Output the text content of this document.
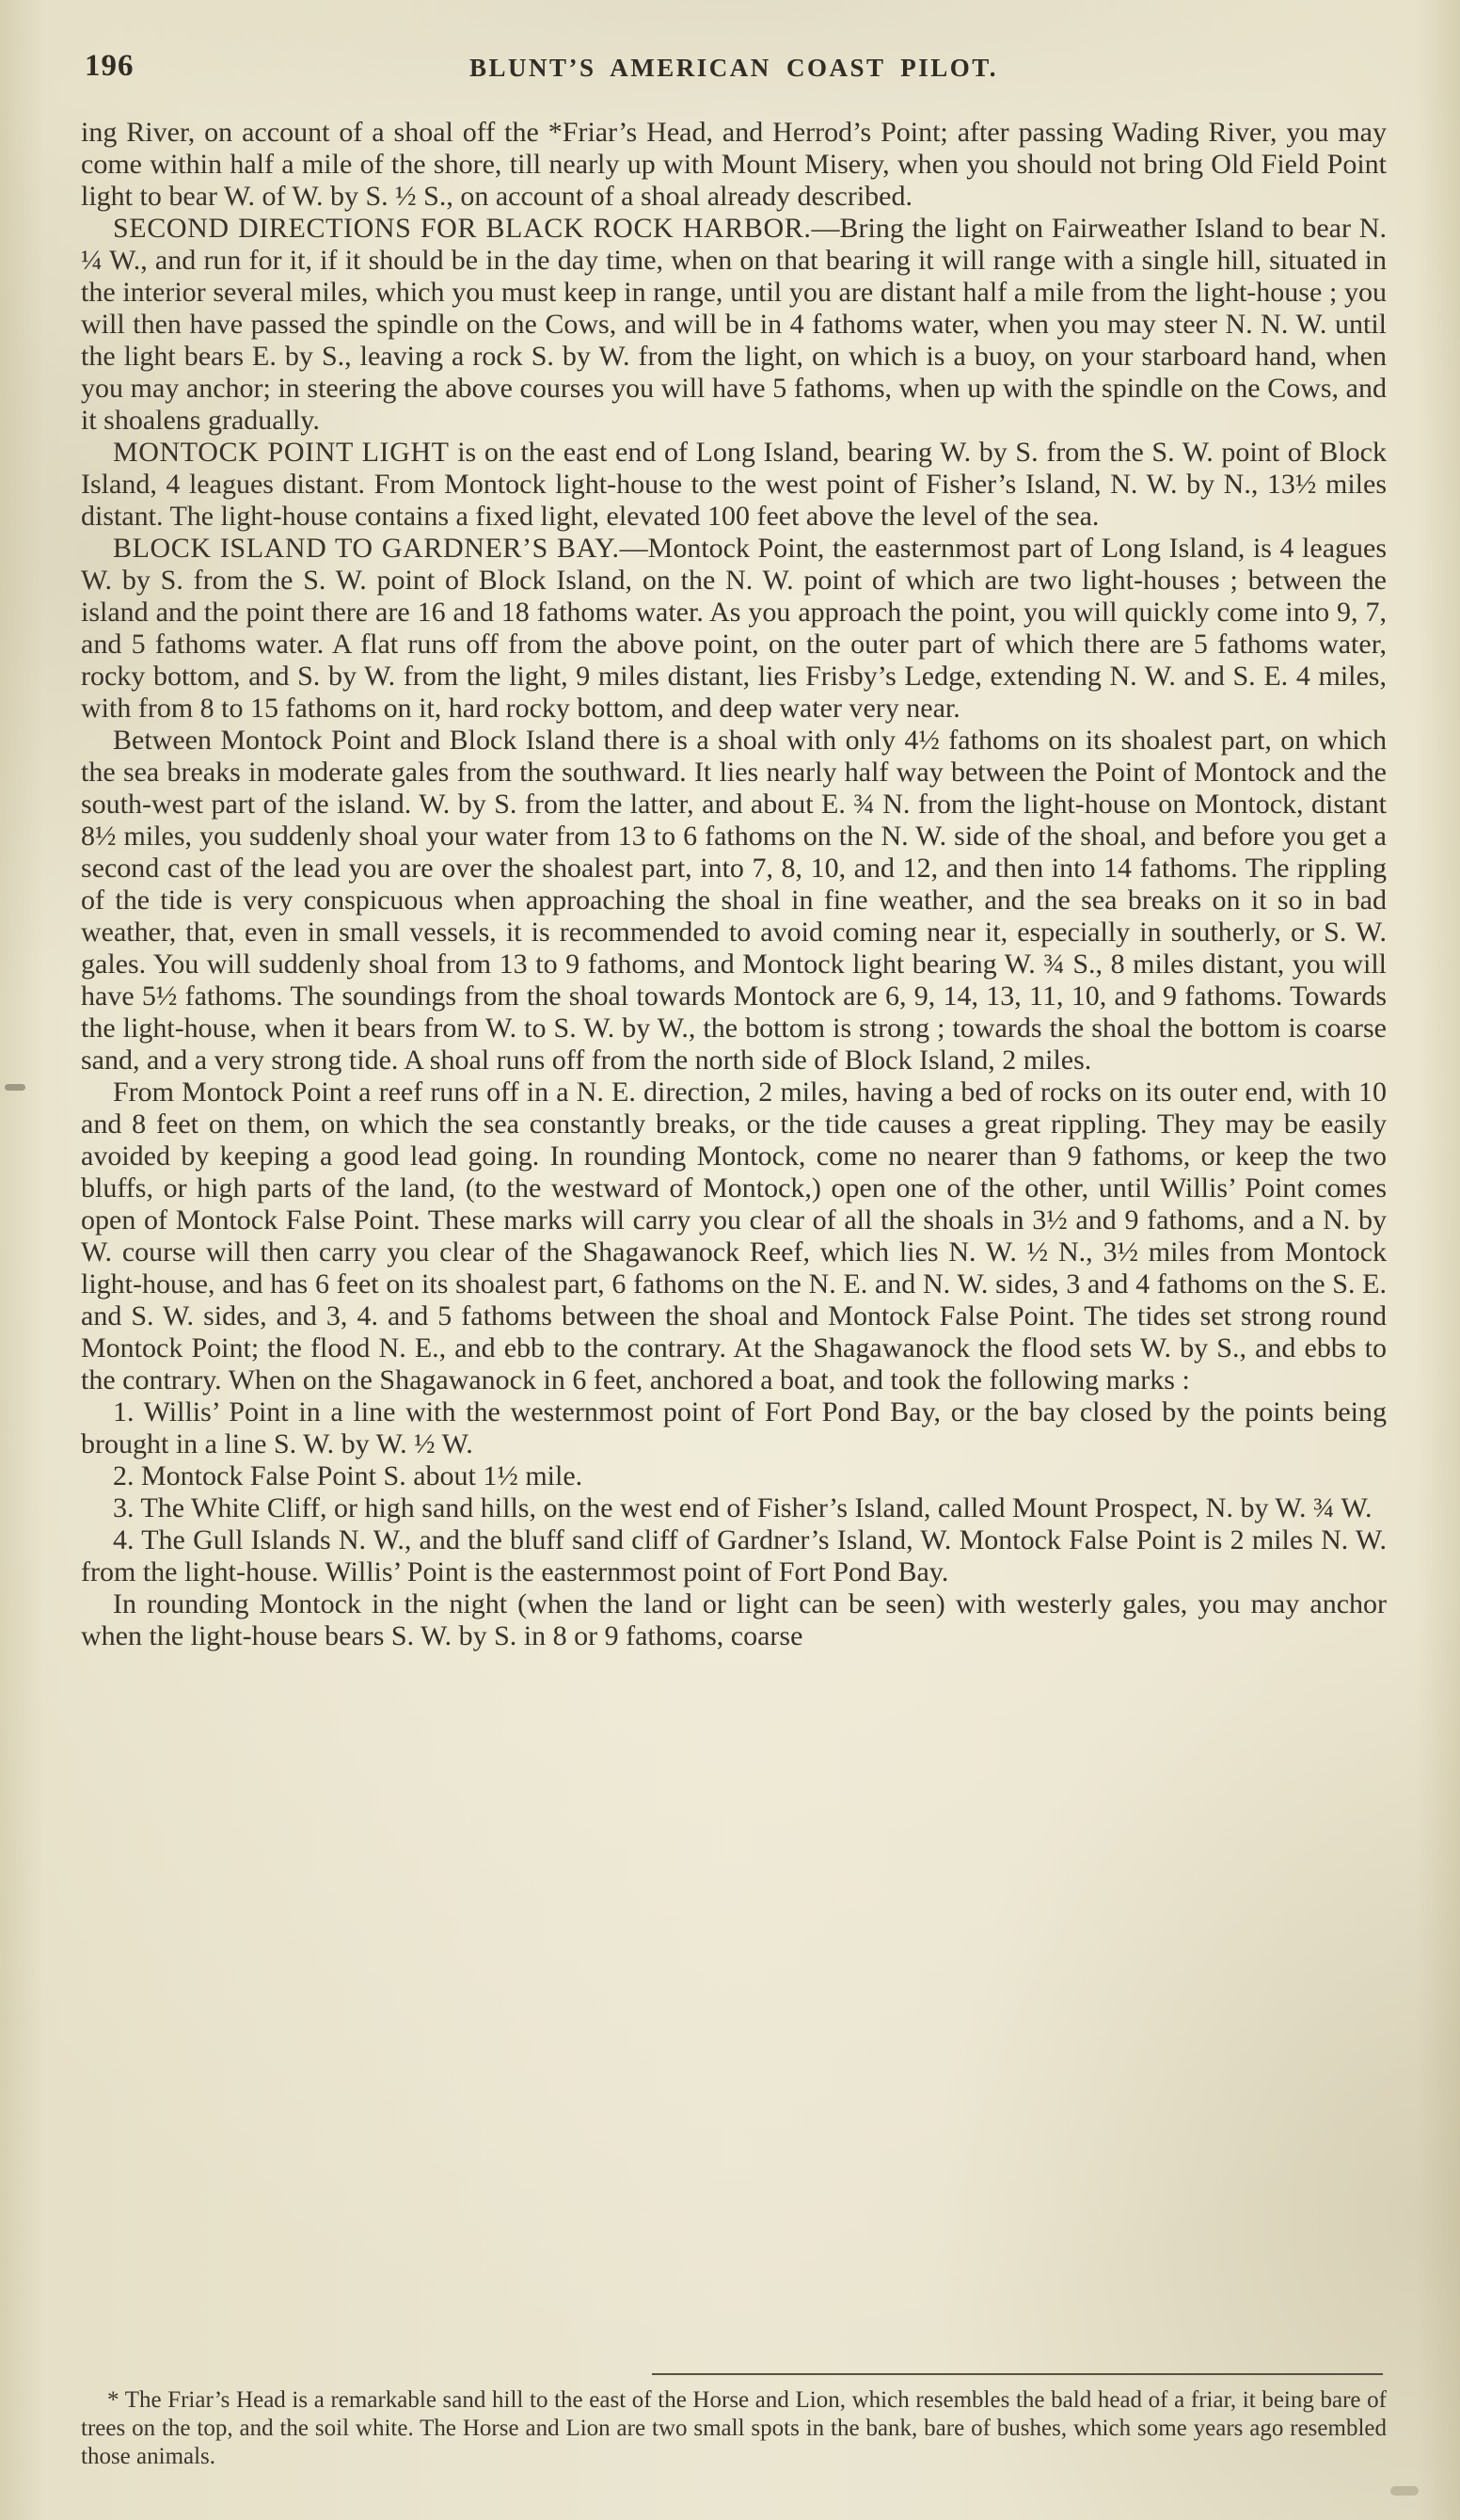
196	BLUNT’S AMERICAN COAST PILOT.

ing River, on account of a shoal off the *Friar’s Head, and Herrod’s Point; after passing Wading River, you may come within half a mile of the shore, till nearly up with Mount Misery, when you should not bring Old Field Point light to bear W. of W. by S. ½ S., on account of a shoal already described.

SECOND DIRECTIONS FOR BLACK ROCK HARBOR.—Bring the light on Fairweather Island to bear N. ¼ W., and run for it, if it should be in the day time, when on that bearing it will range with a single hill, situated in the interior several miles, which you must keep in range, until you are distant half a mile from the light-house ; you will then have passed the spindle on the Cows, and will be in 4 fathoms water, when you may steer N. N. W. until the light bears E. by S., leaving a rock S. by W. from the light, on which is a buoy, on your starboard hand, when you may anchor; in steering the above courses you will have 5 fathoms, when up with the spindle on the Cows, and it shoalens gradually.

MONTOCK POINT LIGHT is on the east end of Long Island, bearing W. by S. from the S. W. point of Block Island, 4 leagues distant. From Montock light-house to the west point of Fisher’s Island, N. W. by N., 13½ miles distant. The light-house contains a fixed light, elevated 100 feet above the level of the sea.

BLOCK ISLAND TO GARDNER’S BAY.—Montock Point, the easternmost part of Long Island, is 4 leagues W. by S. from the S. W. point of Block Island, on the N. W. point of which are two light-houses ; between the island and the point there are 16 and 18 fathoms water. As you approach the point, you will quickly come into 9, 7, and 5 fathoms water. A flat runs off from the above point, on the outer part of which there are 5 fathoms water, rocky bottom, and S. by W. from the light, 9 miles distant, lies Frisby’s Ledge, extending N. W. and S. E. 4 miles, with from 8 to 15 fathoms on it, hard rocky bottom, and deep water very near.

Between Montock Point and Block Island there is a shoal with only 4½ fathoms on its shoalest part, on which the sea breaks in moderate gales from the southward. It lies nearly half way between the Point of Montock and the south-west part of the island. W. by S. from the latter, and about E. ¾ N. from the light-house on Montock, distant 8½ miles, you suddenly shoal your water from 13 to 6 fathoms on the N. W. side of the shoal, and before you get a second cast of the lead you are over the shoalest part, into 7, 8, 10, and 12, and then into 14 fathoms. The rippling of the tide is very conspicuous when approaching the shoal in fine weather, and the sea breaks on it so in bad weather, that, even in small vessels, it is recommended to avoid coming near it, especially in southerly, or S. W. gales. You will suddenly shoal from 13 to 9 fathoms, and Montock light bearing W. ¾ S., 8 miles distant, you will have 5½ fathoms. The soundings from the shoal towards Montock are 6, 9, 14, 13, 11, 10, and 9 fathoms. Towards the light-house, when it bears from W. to S. W. by W., the bottom is strong ; towards the shoal the bottom is coarse sand, and a very strong tide. A shoal runs off from the north side of Block Island, 2 miles.

From Montock Point a reef runs off in a N. E. direction, 2 miles, having a bed of rocks on its outer end, with 10 and 8 feet on them, on which the sea constantly breaks, or the tide causes a great rippling. They may be easily avoided by keeping a good lead going. In rounding Montock, come no nearer than 9 fathoms, or keep the two bluffs, or high parts of the land, (to the westward of Montock,) open one of the other, until Willis’ Point comes open of Montock False Point. These marks will carry you clear of all the shoals in 3½ and 9 fathoms, and a N. by W. course will then carry you clear of the Shagawanock Reef, which lies N. W. ½ N., 3½ miles from Montock light-house, and has 6 feet on its shoalest part, 6 fathoms on the N. E. and N. W. sides, 3 and 4 fathoms on the S. E. and S. W. sides, and 3, 4. and 5 fathoms between the shoal and Montock False Point. The tides set strong round Montock Point; the flood N. E., and ebb to the contrary. At the Shagawanock the flood sets W. by S., and ebbs to the contrary. When on the Shagawanock in 6 feet, anchored a boat, and took the following marks :

1. Willis’ Point in a line with the westernmost point of Fort Pond Bay, or the bay closed by the points being brought in a line S. W. by W. ½ W.

2. Montock False Point S. about 1½ mile.

3. The White Cliff, or high sand hills, on the west end of Fisher’s Island, called Mount Prospect, N. by W. ¾ W.

4. The Gull Islands N. W., and the bluff sand cliff of Gardner’s Island, W. Montock False Point is 2 miles N. W. from the light-house. Willis’ Point is the easternmost point of Fort Pond Bay.

In rounding Montock in the night (when the land or light can be seen) with westerly gales, you may anchor when the light-house bears S. W. by S. in 8 or 9 fathoms, coarse

* The Friar’s Head is a remarkable sand hill to the east of the Horse and Lion, which resembles the bald head of a friar, it being bare of trees on the top, and the soil white. The Horse and Lion are two small spots in the bank, bare of bushes, which some years ago resembled those animals.
